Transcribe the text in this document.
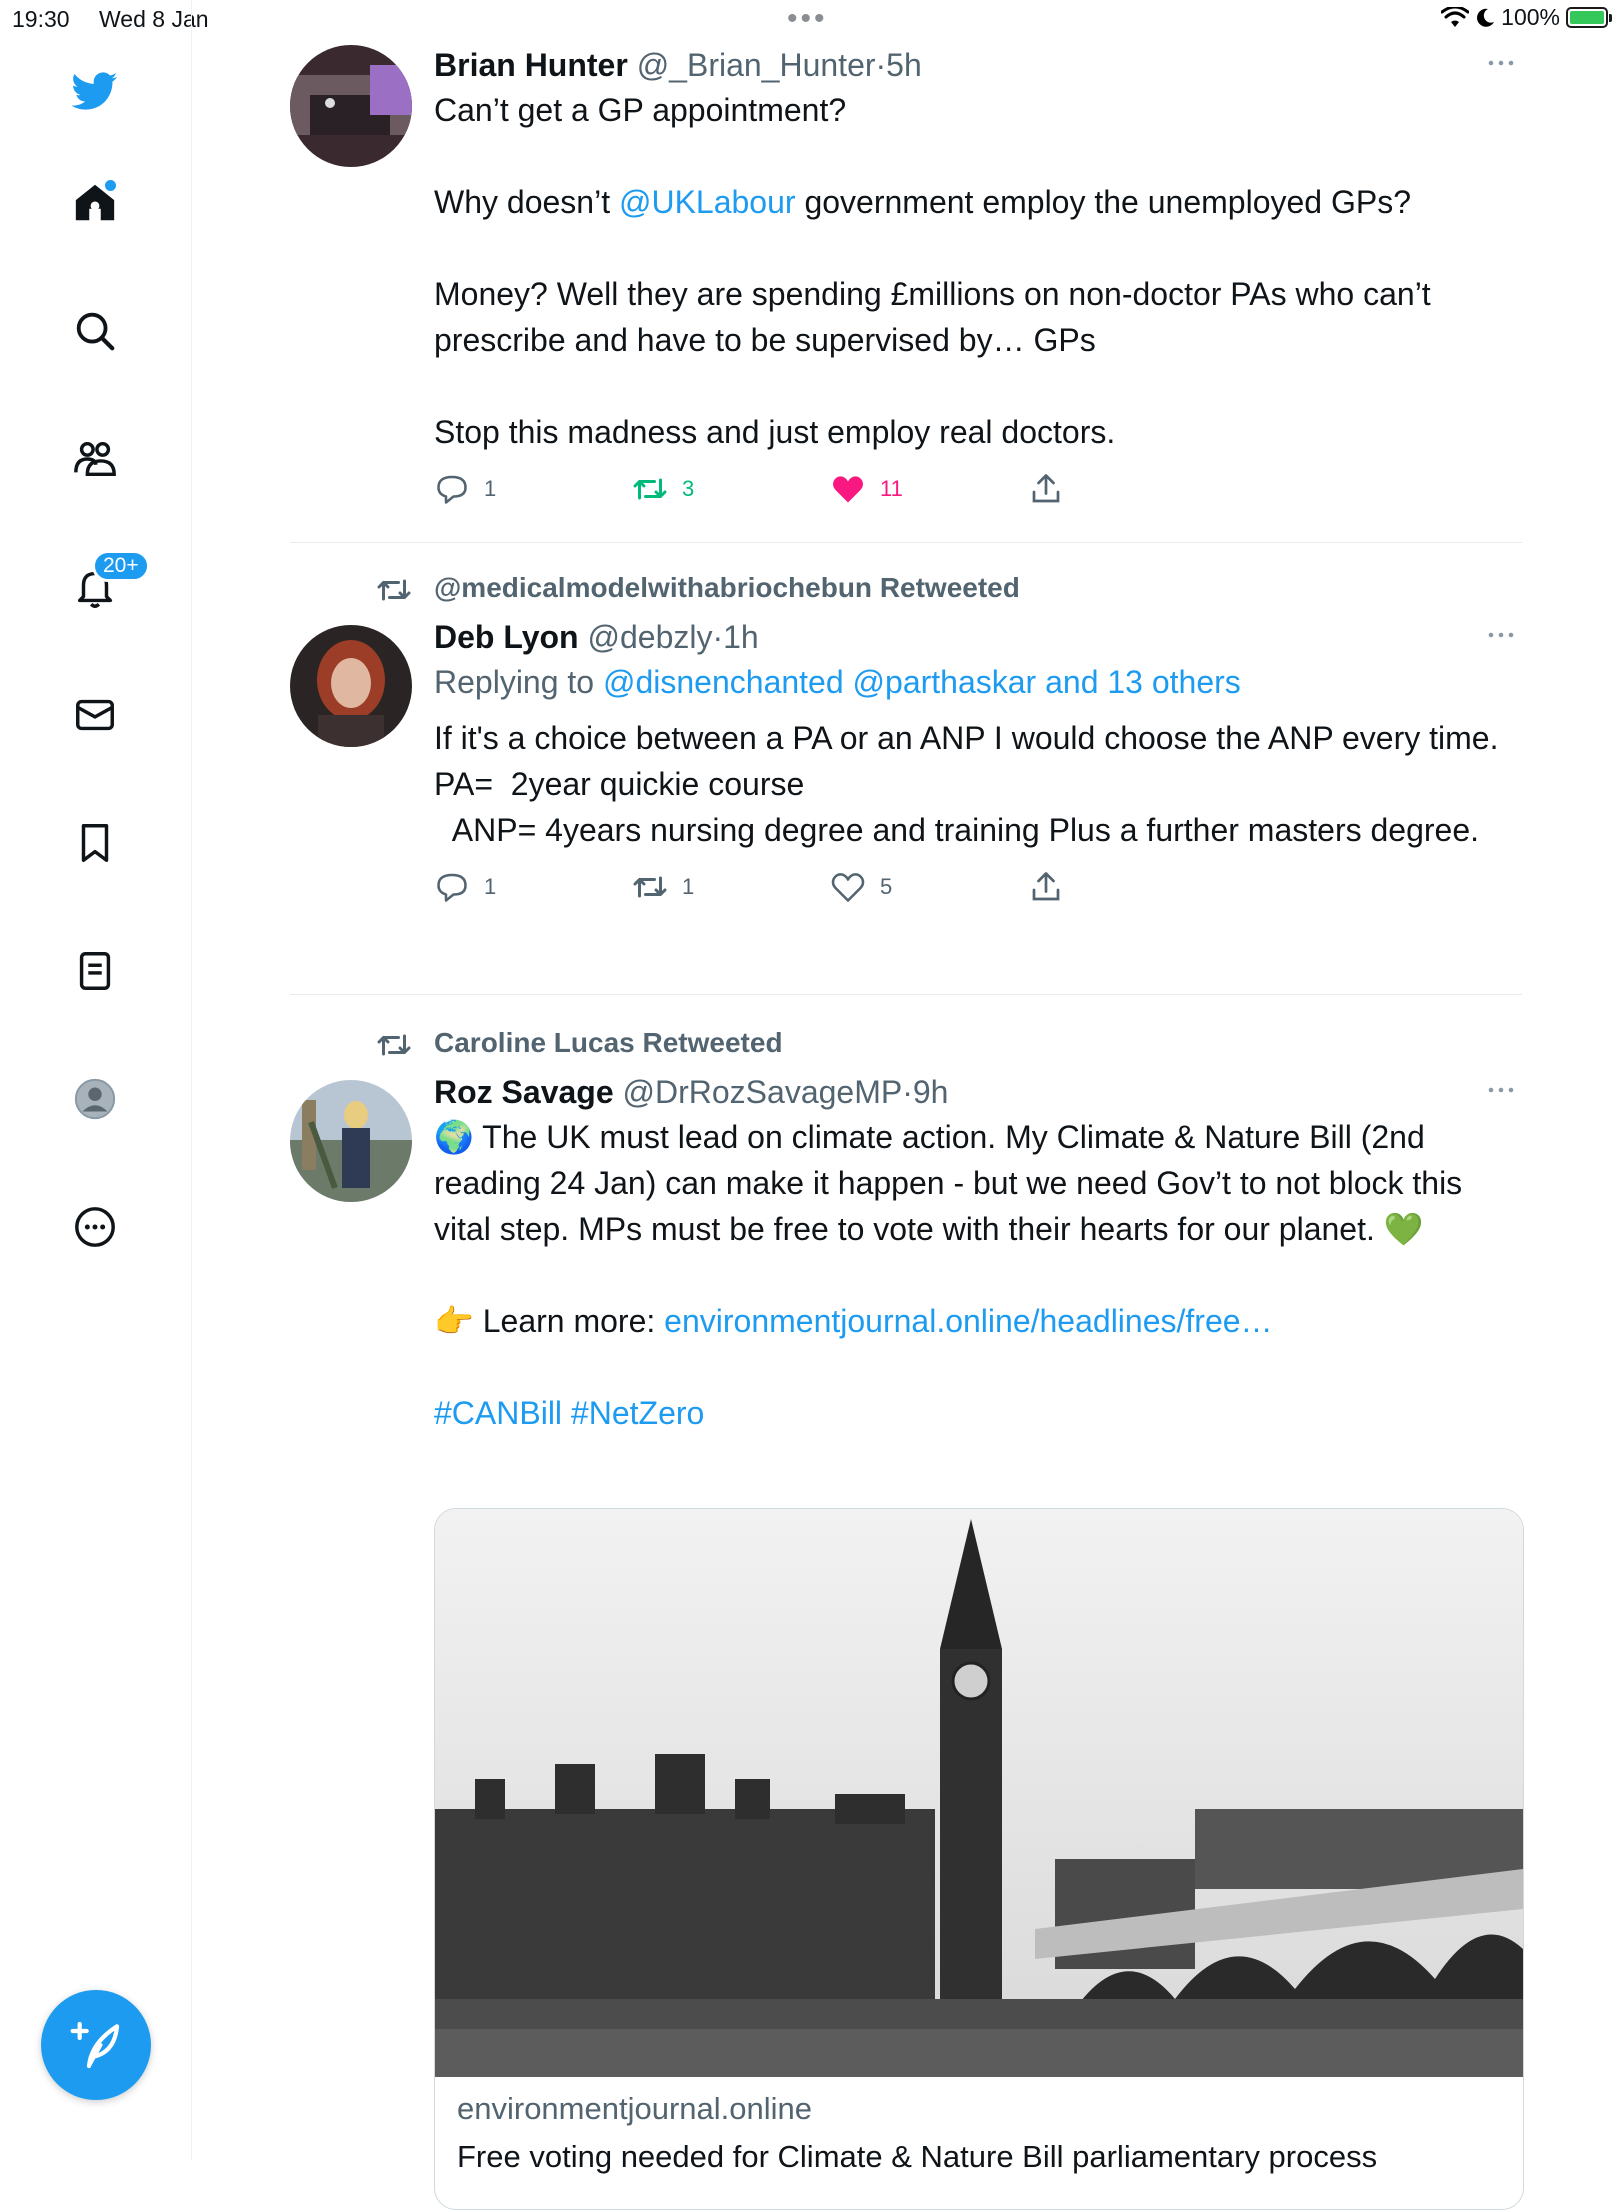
19:30 Wed 8 Jan	•••	100%
20+
Brian Hunter @_Brian_Hunter·5h
Can’t get a GP appointment?
Why doesn’t @UKLabour government employ the unemployed GPs?
Money? Well they are spending £millions on non-doctor PAs who can’t prescribe and have to be supervised by… GPs
Stop this madness and just employ real doctors.
1	3	11
@medicalmodelwithabriochebun Retweeted
Deb Lyon @debzly·1h
Replying to @disnenchanted @parthaskar and 13 others
If it's a choice between a PA or an ANP I would choose the ANP every time. PA=  2year quickie course
ANP= 4years nursing degree and training Plus a further masters degree.
1	1	5
Caroline Lucas Retweeted
Roz Savage @DrRozSavageMP·9h
🌍 The UK must lead on climate action. My Climate & Nature Bill (2nd reading 24 Jan) can make it happen - but we need Gov’t to not block this vital step. MPs must be free to vote with their hearts for our planet. 💚
👉 Learn more: environmentjournal.online/headlines/free…
#CANBill #NetZero
environmentjournal.online
Free voting needed for Climate & Nature Bill parliamentary process
